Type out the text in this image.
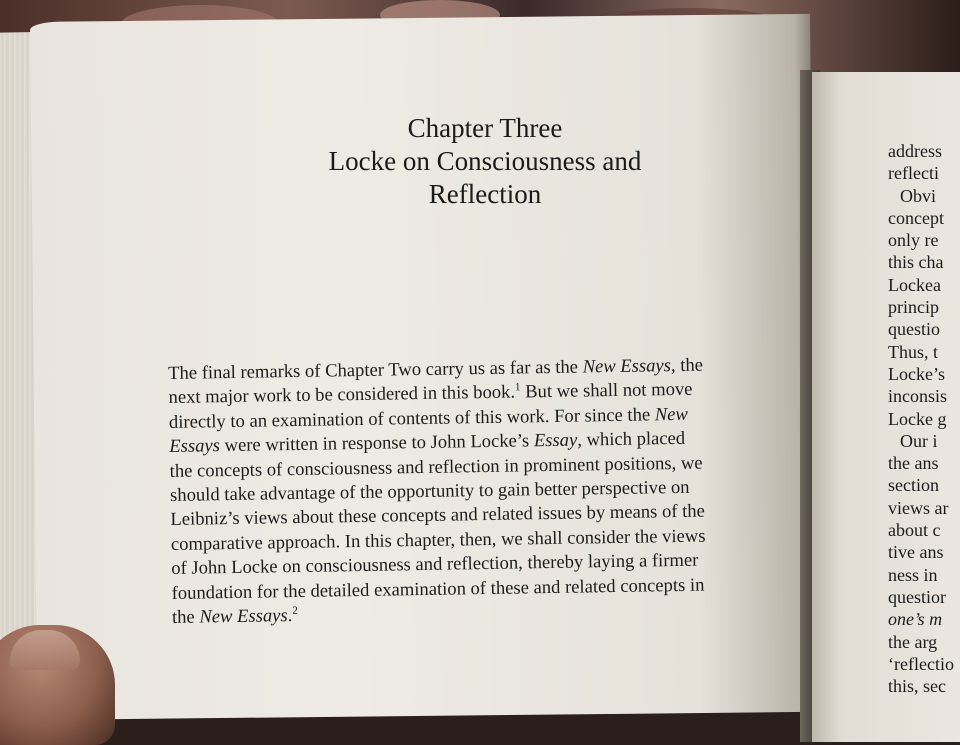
Chapter Three
Locke on Consciousness and
Reflection
The final remarks of Chapter Two carry us as far as the New Essays, the
next major work to be considered in this book.$^1$ But we shall not move
directly to an examination of contents of this work. For since the New
Essays were written in response to John Locke’s Essay, which placed
the concepts of consciousness and reflection in prominent positions, we
should take advantage of the opportunity to gain better perspective on
Leibniz’s views about these concepts and related issues by means of the
comparative approach. In this chapter, then, we shall consider the views
of John Locke on consciousness and reflection, thereby laying a firmer
foundation for the detailed examination of these and related concepts in
the New Essays.$^2$
address
reflecti
Obvi
concept
only re
this cha
Lockea
princip
questio
Thus, t
Locke’s
inconsis
Locke g
Our i
the ans
section
views ar
about c
tive ans
ness in
questior
one’s m
the arg
‘reflectio
this, sec
